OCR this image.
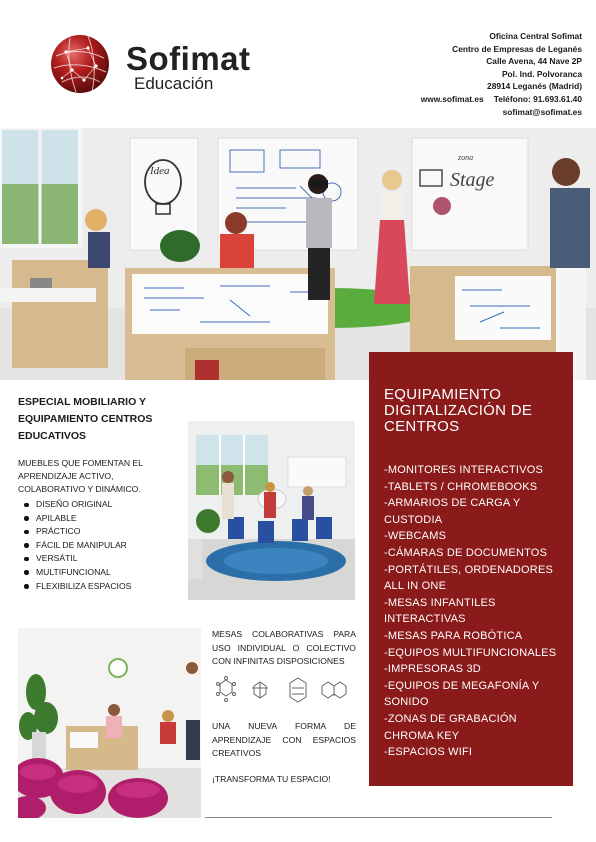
Sofimat
Educación
Oficina Central Sofimat
Centro de Empresas de Leganés
Calle Avena, 44 Nave 2P
Pol. Ind. Polvoranca
28914 Leganés (Madrid)
www.sofimat.es Teléfono: 91.693.61.40
sofimat@sofimat.es
Idea
zona
Stage
ESPECIAL MOBILIARIO Y
EQUIPAMIENTO CENTROS
EDUCATIVOS
MUEBLES QUE FOMENTAN EL
APRENDIZAJE ACTIVO,
COLABORATIVO Y DINÁMICO.
DISEÑO ORIGINAL
APILABLE
PRÁCTICO
FÁCIL DE MANIPULAR
VERSÁTIL
MULTIFUNCIONAL
FLEXIBILIZA ESPACIOS
MESAS COLABORATIVAS PARA USO INDIVIDUAL O COLECTIVO CON INFINITAS DISPOSICIONES
UNA NUEVA FORMA DE APRENDIZAJE CON ESPACIOS CREATIVOS
¡TRANSFORMA TU ESPACIO!
EQUIPAMIENTO
DIGITALIZACIÓN DE
CENTROS
-MONITORES INTERACTIVOS
-TABLETS / CHROMEBOOKS
-ARMARIOS DE CARGA Y CUSTODIA
-WEBCAMS
-CÁMARAS DE DOCUMENTOS
-PORTÁTILES, ORDENADORES ALL IN ONE
-MESAS INFANTILES INTERACTIVAS
-MESAS PARA ROBÓTICA
-EQUIPOS MULTIFUNCIONALES
-IMPRESORAS 3D
-EQUIPOS DE MEGAFONÍA Y SONIDO
-ZONAS DE GRABACIÓN CHROMA KEY
-ESPACIOS WIFI
